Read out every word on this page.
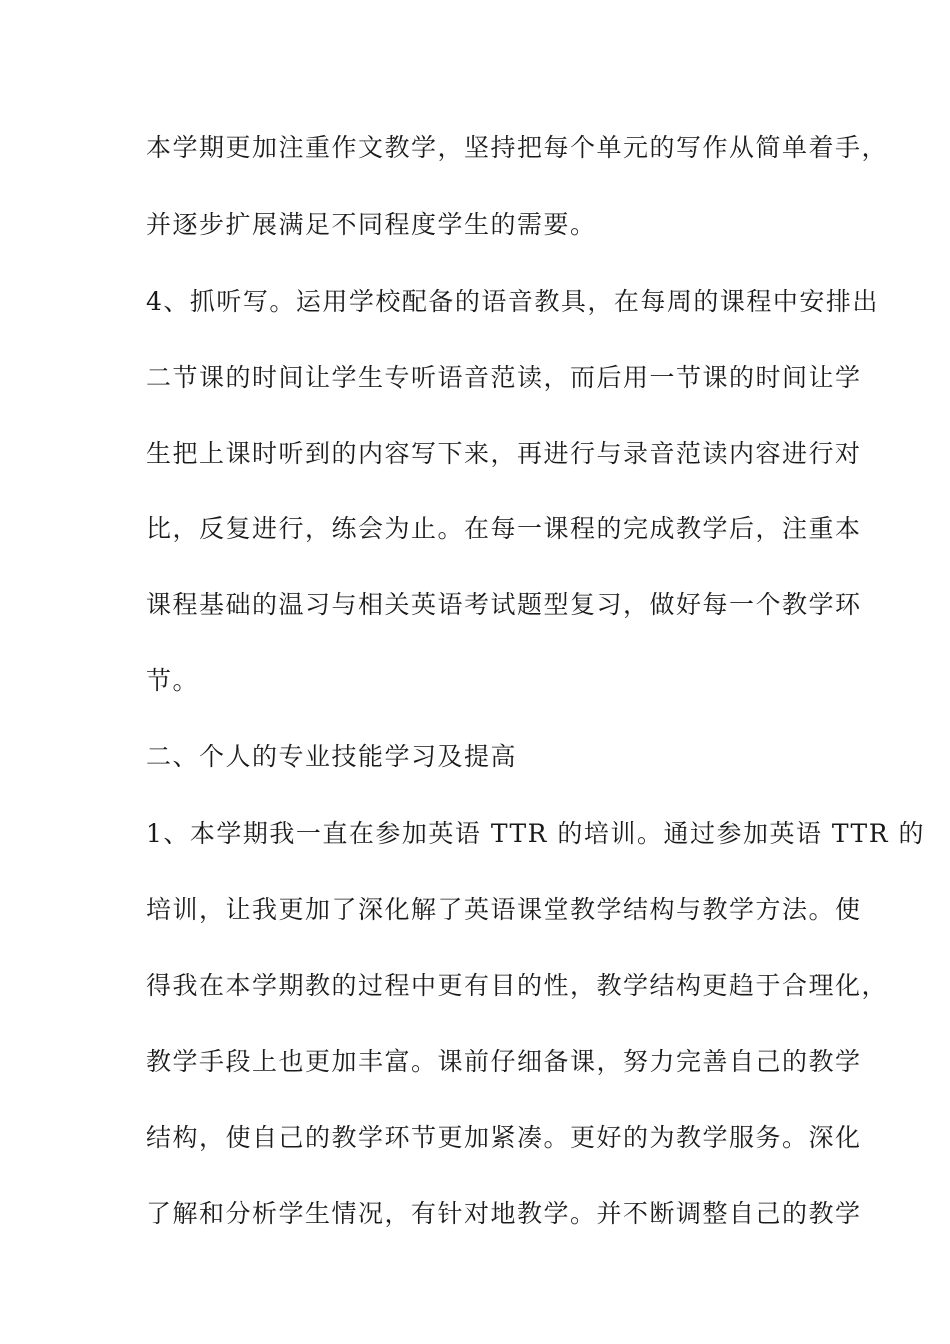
本学期更加注重作文教学，坚持把每个单元的写作从简单着手，
并逐步扩展满足不同程度学生的需要。
4、抓听写。运用学校配备的语音教具，在每周的课程中安排出
二节课的时间让学生专听语音范读，而后用一节课的时间让学
生把上课时听到的内容写下来，再进行与录音范读内容进行对
比，反复进行，练会为止。在每一课程的完成教学后，注重本
课程基础的温习与相关英语考试题型复习，做好每一个教学环
节。
二、个人的专业技能学习及提高
1、本学期我一直在参加英语 TTR 的培训。通过参加英语 TTR 的
培训，让我更加了深化解了英语课堂教学结构与教学方法。使
得我在本学期教的过程中更有目的性，教学结构更趋于合理化，
教学手段上也更加丰富。课前仔细备课，努力完善自己的教学
结构，使自己的教学环节更加紧凑。更好的为教学服务。深化
了解和分析学生情况，有针对地教学。并不断调整自己的教学
